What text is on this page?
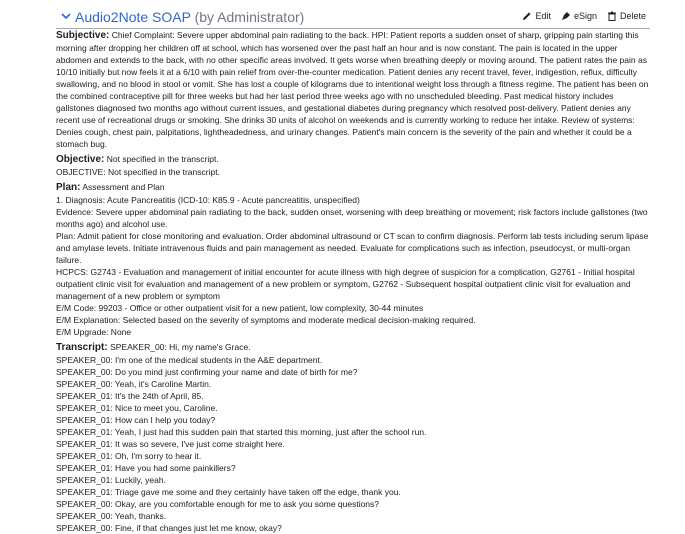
Audio2Note SOAP (by Administrator)	Edit	eSign	Delete

Subjective: Chief Complaint: Severe upper abdominal pain radiating to the back. HPI: Patient reports a sudden onset of sharp, gripping pain starting this morning after dropping her children off at school, which has worsened over the past half an hour and is now constant. The pain is located in the upper abdomen and extends to the back, with no other specific areas involved. It gets worse when breathing deeply or moving around. The patient rates the pain as 10/10 initially but now feels it at a 6/10 with pain relief from over-the-counter medication. Patient denies any recent travel, fever, indigestion, reflux, difficulty swallowing, and no blood in stool or vomit. She has lost a couple of kilograms due to intentional weight loss through a fitness regime. The patient has been on the combined contraceptive pill for three weeks but had her last period three weeks ago with no unscheduled bleeding. Past medical history includes gallstones diagnosed two months ago without current issues, and gestational diabetes during pregnancy which resolved post-delivery. Patient denies any recent use of recreational drugs or smoking. She drinks 30 units of alcohol on weekends and is currently working to reduce her intake. Review of systems: Denies cough, chest pain, palpitations, lightheadedness, and urinary changes. Patient's main concern is the severity of the pain and whether it could be a stomach bug.

Objective: Not specified in the transcript.

OBJECTIVE: Not specified in the transcript.

Plan: Assessment and Plan

1. Diagnosis: Acute Pancreatitis (ICD-10: K85.9 - Acute pancreatitis, unspecified)

Evidence: Severe upper abdominal pain radiating to the back, sudden onset, worsening with deep breathing or movement; risk factors include gallstones (two months ago) and alcohol use.

Plan: Admit patient for close monitoring and evaluation. Order abdominal ultrasound or CT scan to confirm diagnosis. Perform lab tests including serum lipase and amylase levels. Initiate intravenous fluids and pain management as needed. Evaluate for complications such as infection, pseudocyst, or multi-organ failure.

HCPCS: G2743 - Evaluation and management of initial encounter for acute illness with high degree of suspicion for a complication, G2761 - Initial hospital outpatient clinic visit for evaluation and management of a new problem or symptom, G2762 - Subsequent hospital outpatient clinic visit for evaluation and management of a new problem or symptom

E/M Code: 99203 - Office or other outpatient visit for a new patient, low complexity, 30-44 minutes

E/M Explanation: Selected based on the severity of symptoms and moderate medical decision-making required.

E/M Upgrade: None

Transcript: SPEAKER_00: Hi, my name's Grace.

SPEAKER_00: I'm one of the medical students in the A&E department.

SPEAKER_00: Do you mind just confirming your name and date of birth for me?

SPEAKER_00: Yeah, it's Caroline Martin.

SPEAKER_01: It's the 24th of April, 85.

SPEAKER_01: Nice to meet you, Caroline.

SPEAKER_01: How can I help you today?

SPEAKER_01: Yeah, I just had this sudden pain that started this morning, just after the school run.

SPEAKER_01: It was so severe, I've just come straight here.

SPEAKER_01: Oh, I'm sorry to hear it.

SPEAKER_01: Have you had some painkillers?

SPEAKER_01: Luckily, yeah.

SPEAKER_01: Triage gave me some and they certainly have taken off the edge, thank you.

SPEAKER_00: Okay, are you comfortable enough for me to ask you some questions?

SPEAKER_00: Yeah, thanks.

SPEAKER_00: Fine, if that changes just let me know, okay?
